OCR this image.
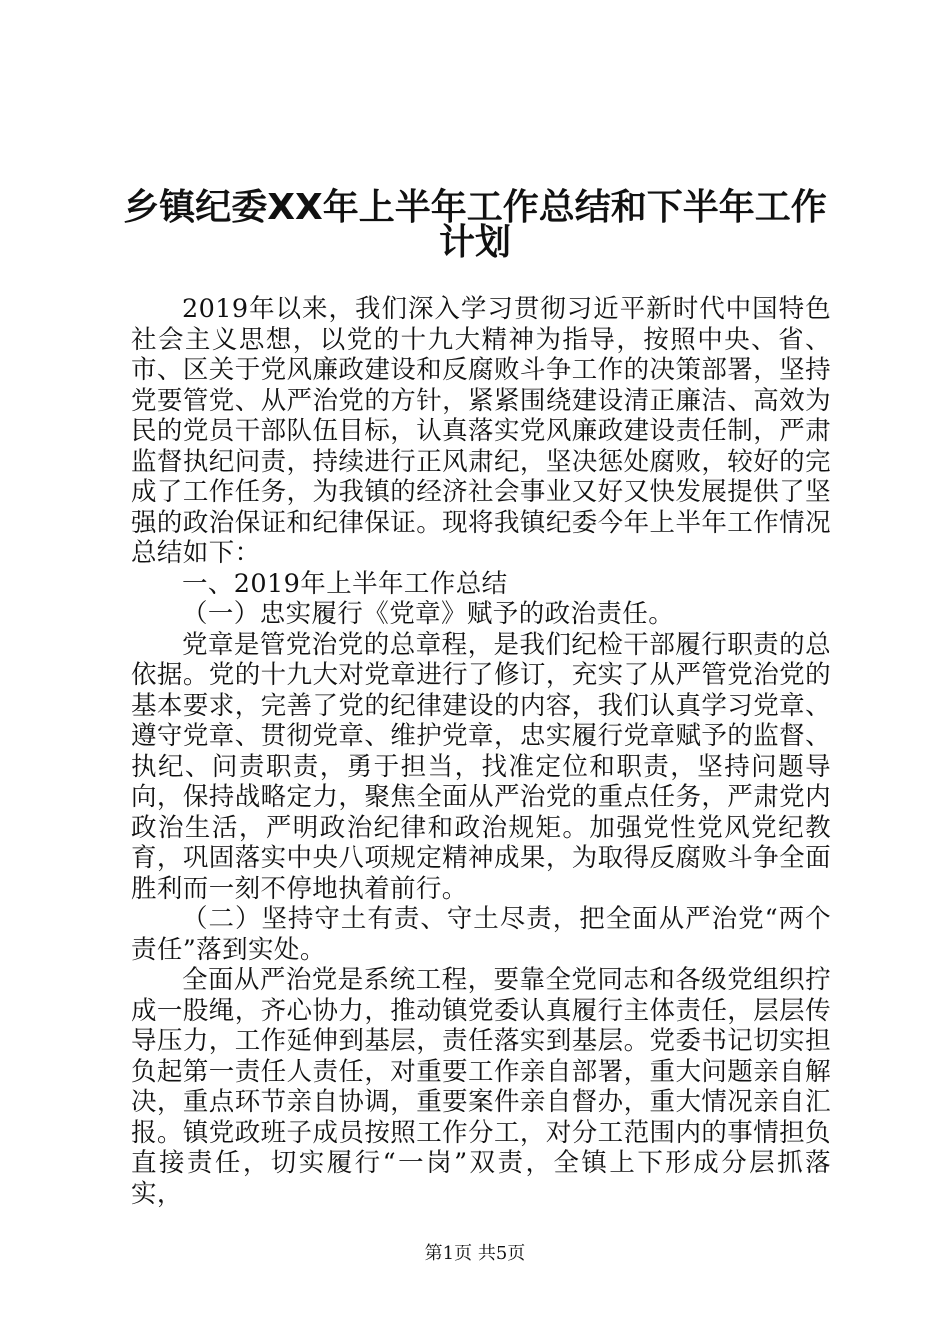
乡镇纪委XX年上半年工作总结和下半年工作
计划

2019年以来，我们深入学习贯彻习近平新时代中国特色社会主义思想，以党的十九大精神为指导，按照中央、省、市、区关于党风廉政建设和反腐败斗争工作的决策部署，坚持党要管党、从严治党的方针，紧紧围绕建设清正廉洁、高效为民的党员干部队伍目标，认真落实党风廉政建设责任制，严肃监督执纪问责，持续进行正风肃纪，坚决惩处腐败，较好的完成了工作任务，为我镇的经济社会事业又好又快发展提供了坚强的政治保证和纪律保证。现将我镇纪委今年上半年工作情况总结如下：

一、2019年上半年工作总结

（一）忠实履行《党章》赋予的政治责任。

党章是管党治党的总章程，是我们纪检干部履行职责的总依据。党的十九大对党章进行了修订，充实了从严管党治党的基本要求，完善了党的纪律建设的内容，我们认真学习党章、遵守党章、贯彻党章、维护党章，忠实履行党章赋予的监督、执纪、问责职责，勇于担当，找准定位和职责，坚持问题导向，保持战略定力，聚焦全面从严治党的重点任务，严肃党内政治生活，严明政治纪律和政治规矩。加强党性党风党纪教育，巩固落实中央八项规定精神成果，为取得反腐败斗争全面胜利而一刻不停地执着前行。

（二）坚持守土有责、守土尽责，把全面从严治党“两个责任”落到实处。

全面从严治党是系统工程，要靠全党同志和各级党组织拧成一股绳，齐心协力，推动镇党委认真履行主体责任，层层传导压力，工作延伸到基层，责任落实到基层。党委书记切实担负起第一责任人责任，对重要工作亲自部署，重大问题亲自解决，重点环节亲自协调，重要案件亲自督办，重大情况亲自汇报。镇党政班子成员按照工作分工，对分工范围内的事情担负直接责任，切实履行“一岗”双责，全镇上下形成分层抓落实，

第1页 共5页
